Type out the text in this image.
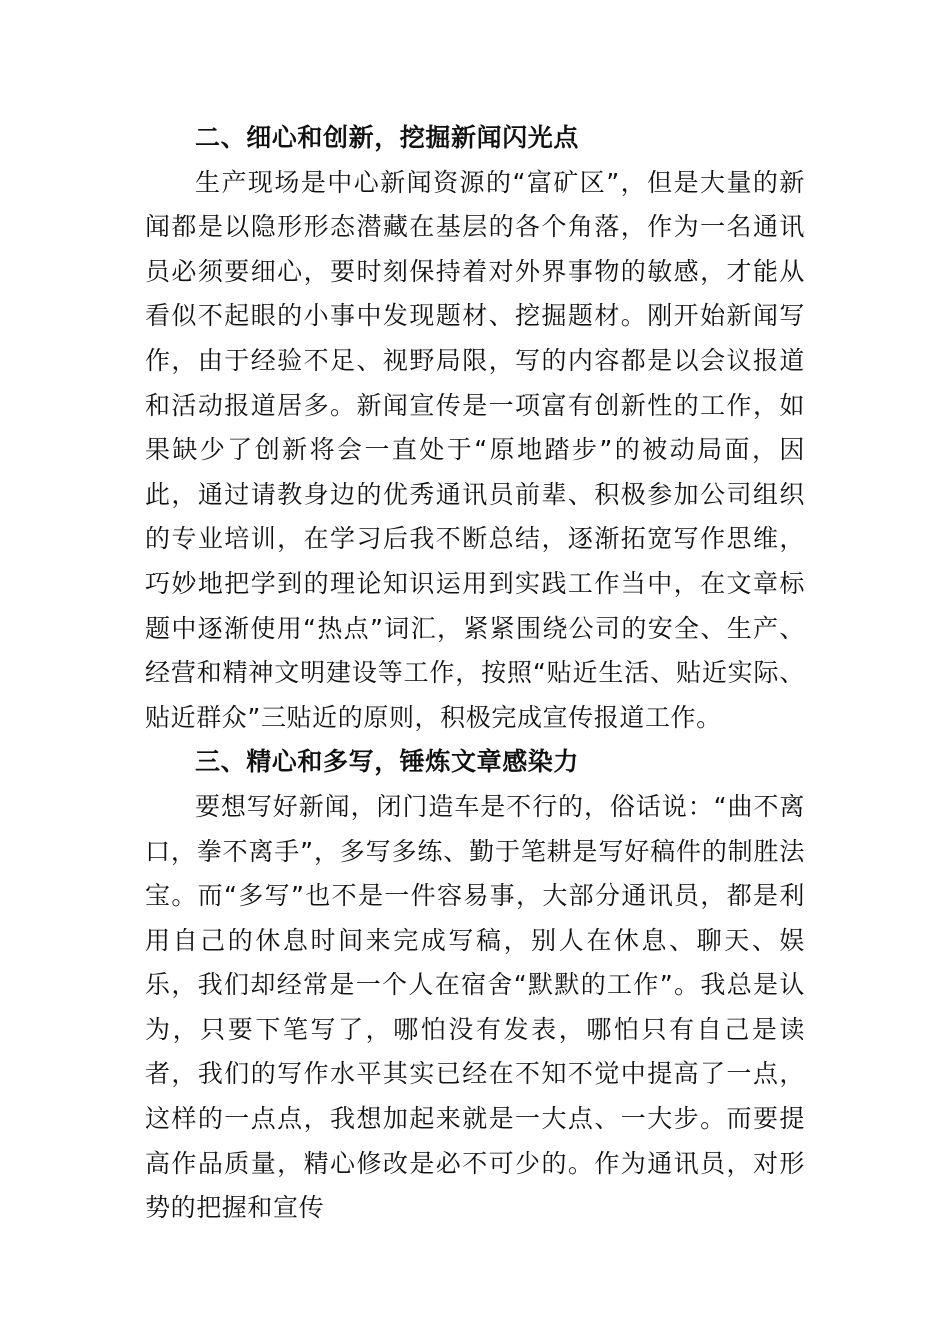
二、细心和创新，挖掘新闻闪光点

生产现场是中心新闻资源的“富矿区”，但是大量的新闻都是以隐形形态潜藏在基层的各个角落，作为一名通讯员必须要细心，要时刻保持着对外界事物的敏感，才能从看似不起眼的小事中发现题材、挖掘题材。刚开始新闻写作，由于经验不足、视野局限，写的内容都是以会议报道和活动报道居多。新闻宣传是一项富有创新性的工作，如果缺少了创新将会一直处于“原地踏步”的被动局面，因此，通过请教身边的优秀通讯员前辈、积极参加公司组织的专业培训，在学习后我不断总结，逐渐拓宽写作思维，巧妙地把学到的理论知识运用到实践工作当中，在文章标题中逐渐使用“热点”词汇，紧紧围绕公司的安全、生产、经营和精神文明建设等工作，按照“贴近生活、贴近实际、贴近群众”三贴近的原则，积极完成宣传报道工作。

三、精心和多写，锤炼文章感染力

要想写好新闻，闭门造车是不行的，俗话说：“曲不离口，拳不离手”，多写多练、勤于笔耕是写好稿件的制胜法宝。而“多写”也不是一件容易事，大部分通讯员，都是利用自己的休息时间来完成写稿，别人在休息、聊天、娱乐，我们却经常是一个人在宿舍“默默的工作”。我总是认为，只要下笔写了，哪怕没有发表，哪怕只有自己是读者，我们的写作水平其实已经在不知不觉中提高了一点，这样的一点点，我想加起来就是一大点、一大步。而要提高作品质量，精心修改是必不可少的。作为通讯员，对形势的把握和宣传
